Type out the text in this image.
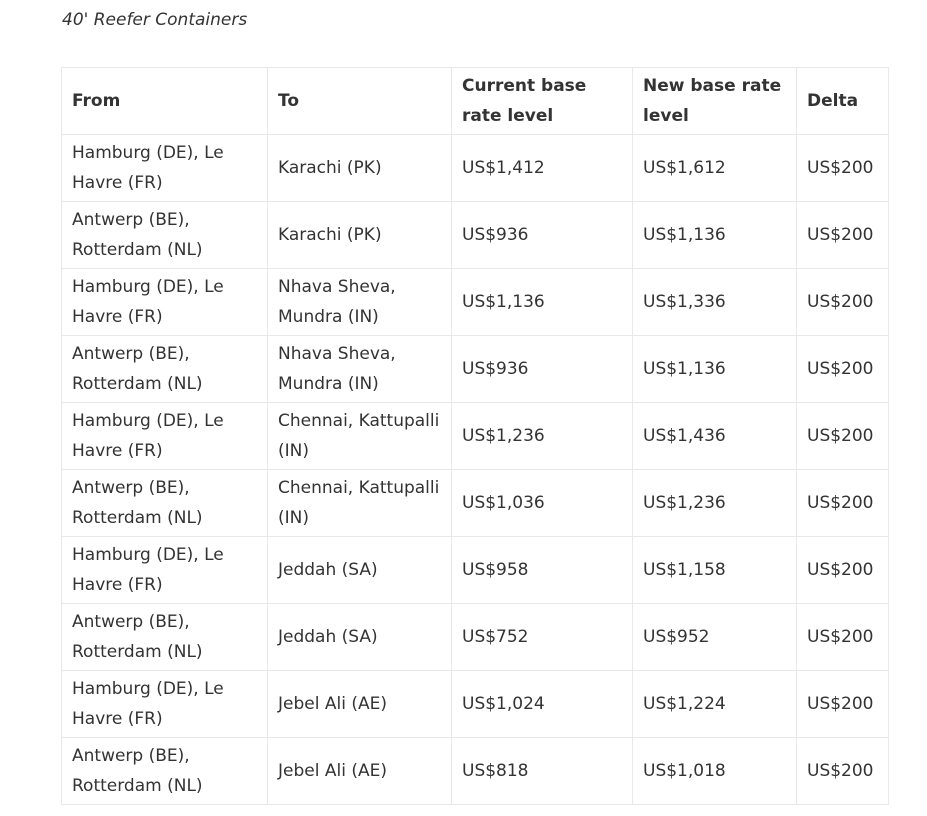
40' Reefer Containers

From	To	Current base rate level	New base rate level	Delta
Hamburg (DE), Le Havre (FR)	Karachi (PK)	US$1,412	US$1,612	US$200
Antwerp (BE), Rotterdam (NL)	Karachi (PK)	US$936	US$1,136	US$200
Hamburg (DE), Le Havre (FR)	Nhava Sheva, Mundra (IN)	US$1,136	US$1,336	US$200
Antwerp (BE), Rotterdam (NL)	Nhava Sheva, Mundra (IN)	US$936	US$1,136	US$200
Hamburg (DE), Le Havre (FR)	Chennai, Kattupalli (IN)	US$1,236	US$1,436	US$200
Antwerp (BE), Rotterdam (NL)	Chennai, Kattupalli (IN)	US$1,036	US$1,236	US$200
Hamburg (DE), Le Havre (FR)	Jeddah (SA)	US$958	US$1,158	US$200
Antwerp (BE), Rotterdam (NL)	Jeddah (SA)	US$752	US$952	US$200
Hamburg (DE), Le Havre (FR)	Jebel Ali (AE)	US$1,024	US$1,224	US$200
Antwerp (BE), Rotterdam (NL)	Jebel Ali (AE)	US$818	US$1,018	US$200
